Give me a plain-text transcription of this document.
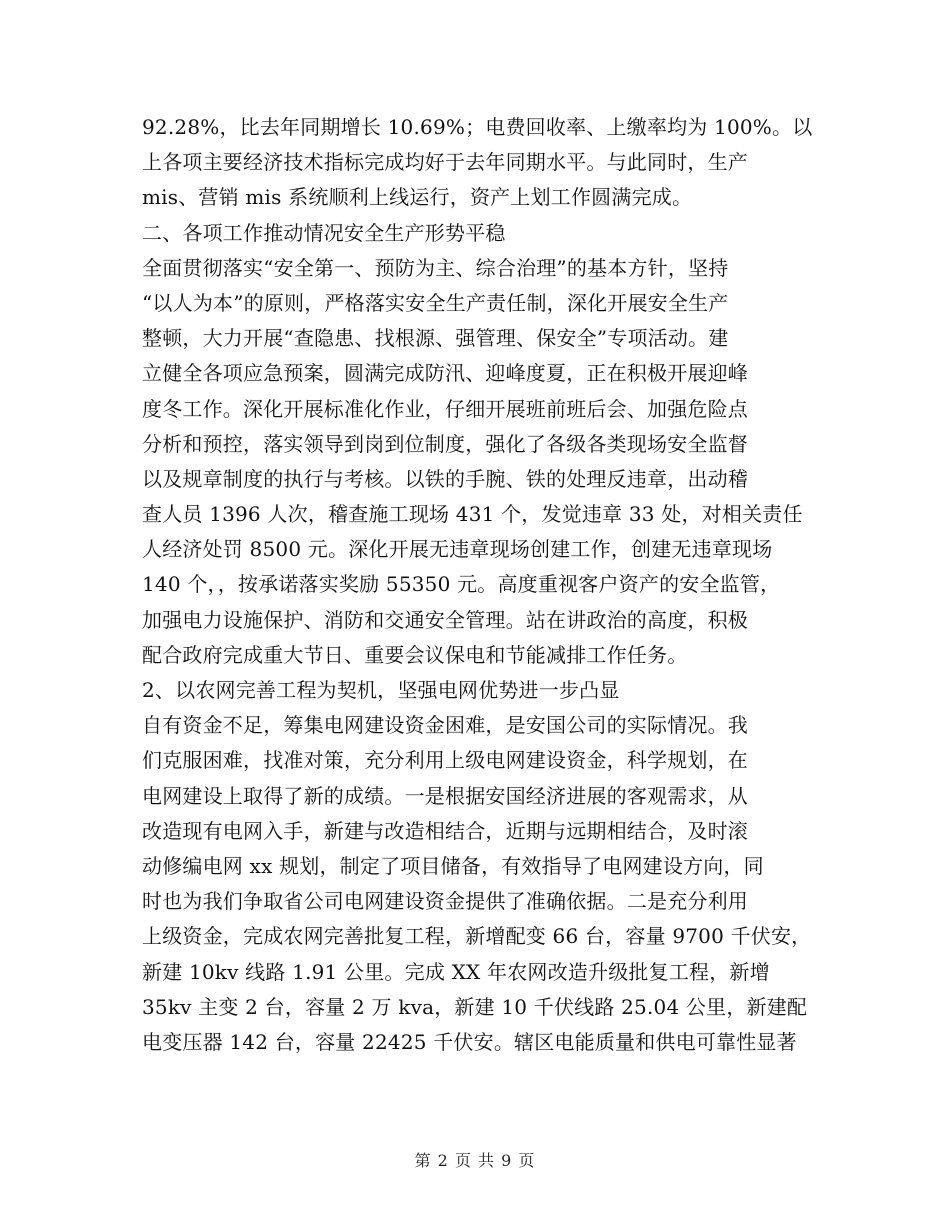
92.28%，比去年同期增长 10.69%；电费回收率、上缴率均为 100%。以
上各项主要经济技术指标完成均好于去年同期水平。与此同时，生产
mis、营销 mis 系统顺利上线运行，资产上划工作圆满完成。
二、各项工作推动情况安全生产形势平稳
全面贯彻落实“安全第一、预防为主、综合治理”的基本方针，坚持
“以人为本”的原则，严格落实安全生产责任制，深化开展安全生产
整顿，大力开展“查隐患、找根源、强管理、保安全”专项活动。建
立健全各项应急预案，圆满完成防汛、迎峰度夏，正在积极开展迎峰
度冬工作。深化开展标准化作业，仔细开展班前班后会、加强危险点
分析和预控，落实领导到岗到位制度，强化了各级各类现场安全监督
以及规章制度的执行与考核。以铁的手腕、铁的处理反违章，出动稽
查人员 1396 人次，稽查施工现场 431 个，发觉违章 33 处，对相关责任
人经济处罚 8500 元。深化开展无违章现场创建工作，创建无违章现场
140 个，，按承诺落实奖励 55350 元。高度重视客户资产的安全监管，
加强电力设施保护、消防和交通安全管理。站在讲政治的高度，积极
配合政府完成重大节日、重要会议保电和节能减排工作任务。
2、以农网完善工程为契机，坚强电网优势进一步凸显
自有资金不足，筹集电网建设资金困难，是安国公司的实际情况。我
们克服困难，找准对策，充分利用上级电网建设资金，科学规划，在
电网建设上取得了新的成绩。一是根据安国经济进展的客观需求，从
改造现有电网入手，新建与改造相结合，近期与远期相结合，及时滚
动修编电网 xx 规划，制定了项目储备，有效指导了电网建设方向，同
时也为我们争取省公司电网建设资金提供了准确依据。二是充分利用
上级资金，完成农网完善批复工程，新增配变 66 台，容量 9700 千伏安，
新建 10kv 线路 1.91 公里。完成 XX 年农网改造升级批复工程，新增
35kv 主变 2 台，容量 2 万 kva，新建 10 千伏线路 25.04 公里，新建配
电变压器 142 台，容量 22425 千伏安。辖区电能质量和供电可靠性显著
第 2 页 共 9 页
